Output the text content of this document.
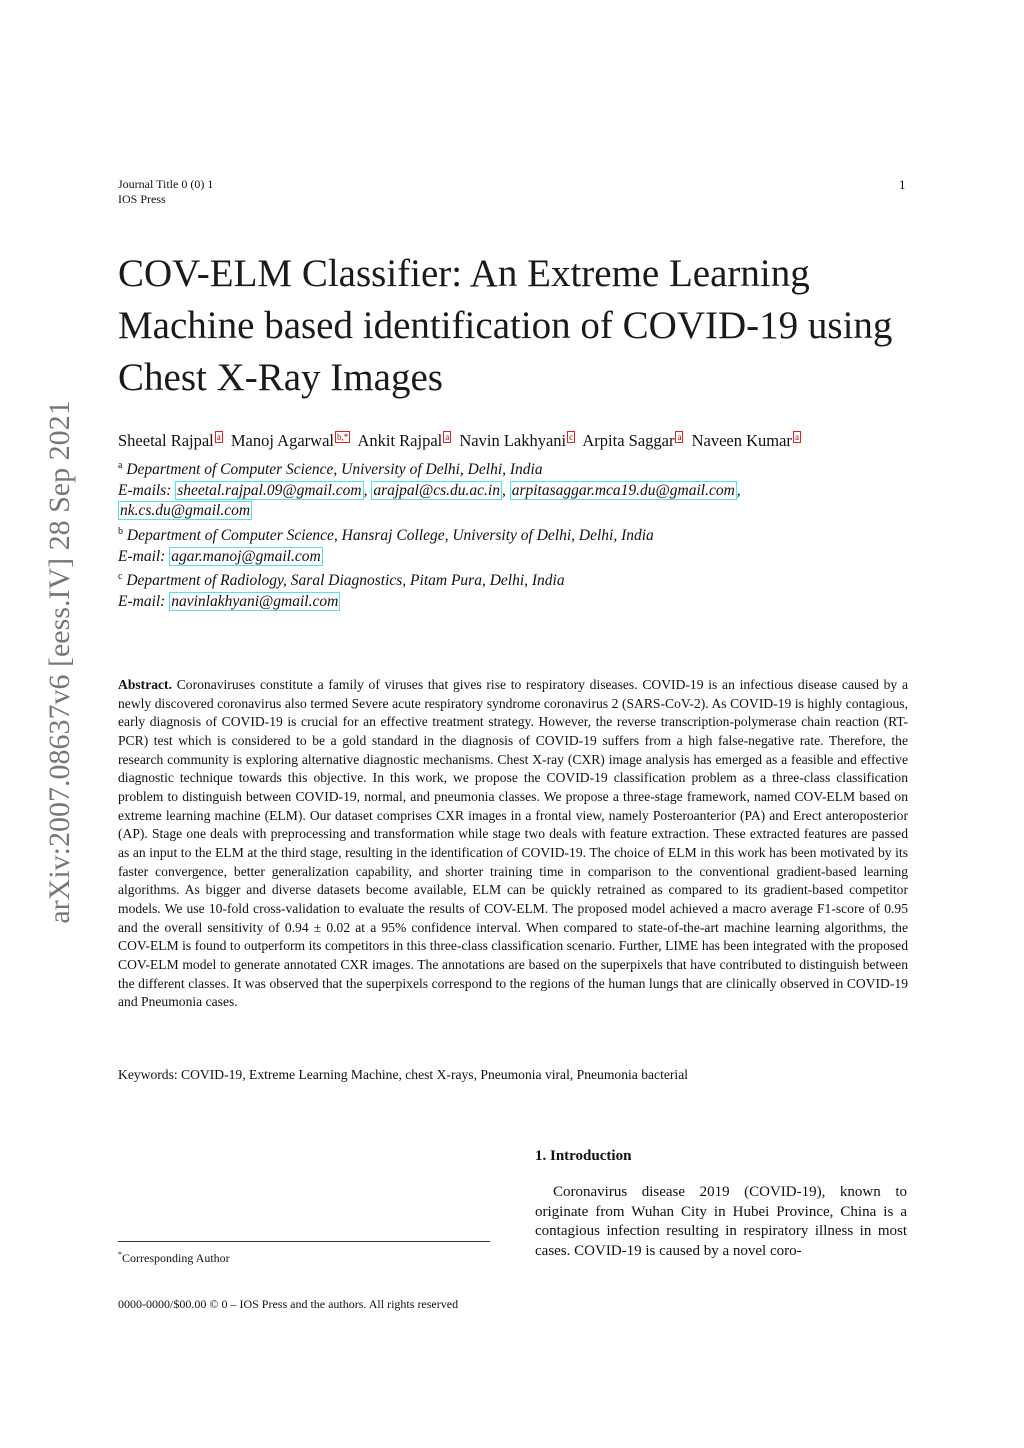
Journal Title 0 (0) 1
IOS Press
1
arXiv:2007.08637v6 [eess.IV] 28 Sep 2021
COV-ELM Classifier: An Extreme Learning Machine based identification of COVID-19 using Chest X-Ray Images
Sheetal Rajpal a Manoj Agarwal b,* Ankit Rajpal a Navin Lakhyani c Arpita Saggar a Naveen Kumar a
$^a$ Department of Computer Science, University of Delhi, Delhi, India
E-mails: sheetal.rajpal.09@gmail.com , arajpal@cs.du.ac.in , arpitasaggar.mca19.du@gmail.com ,
nk.cs.du@gmail.com
$^b$ Department of Computer Science, Hansraj College, University of Delhi, Delhi, India
E-mail: agar.manoj@gmail.com
$^c$ Department of Radiology, Saral Diagnostics, Pitam Pura, Delhi, India
E-mail: navinlakhyani@gmail.com
Abstract. Coronaviruses constitute a family of viruses that gives rise to respiratory diseases. COVID-19 is an infectious disease caused by a newly discovered coronavirus also termed Severe acute respiratory syndrome coronavirus 2 (SARS-CoV-2). As COVID-19 is highly contagious, early diagnosis of COVID-19 is crucial for an effective treatment strategy. However, the reverse transcription-polymerase chain reaction (RT-PCR) test which is considered to be a gold standard in the diagnosis of COVID-19 suffers from a high false-negative rate. Therefore, the research community is exploring alternative diagnostic mechanisms. Chest X-ray (CXR) image analysis has emerged as a feasible and effective diagnostic technique towards this objective. In this work, we propose the COVID-19 classification problem as a three-class classification problem to distinguish between COVID-19, normal, and pneumonia classes. We propose a three-stage framework, named COV-ELM based on extreme learning machine (ELM). Our dataset comprises CXR images in a frontal view, namely Posteroanterior (PA) and Erect anteroposterior (AP). Stage one deals with preprocessing and transformation while stage two deals with feature extraction. These extracted features are passed as an input to the ELM at the third stage, resulting in the identification of COVID-19. The choice of ELM in this work has been motivated by its faster convergence, better generalization capability, and shorter training time in comparison to the conventional gradient-based learning algorithms. As bigger and diverse datasets become available, ELM can be quickly retrained as compared to its gradient-based competitor models. We use 10-fold cross-validation to evaluate the results of COV-ELM. The proposed model achieved a macro average F1-score of 0.95 and the overall sensitivity of 0.94 ± 0.02 at a 95% confidence interval. When compared to state-of-the-art machine learning algorithms, the COV-ELM is found to outperform its competitors in this three-class classification scenario. Further, LIME has been integrated with the proposed COV-ELM model to generate annotated CXR images. The annotations are based on the superpixels that have contributed to distinguish between the different classes. It was observed that the superpixels correspond to the regions of the human lungs that are clinically observed in COVID-19 and Pneumonia cases.
Keywords: COVID-19, Extreme Learning Machine, chest X-rays, Pneumonia viral, Pneumonia bacterial
1. Introduction
Coronavirus disease 2019 (COVID-19), known to originate from Wuhan City in Hubei Province, China is a contagious infection resulting in respiratory illness in most cases. COVID-19 is caused by a novel coro-
*Corresponding Author
0000-0000/$00.00 © 0 – IOS Press and the authors. All rights reserved
